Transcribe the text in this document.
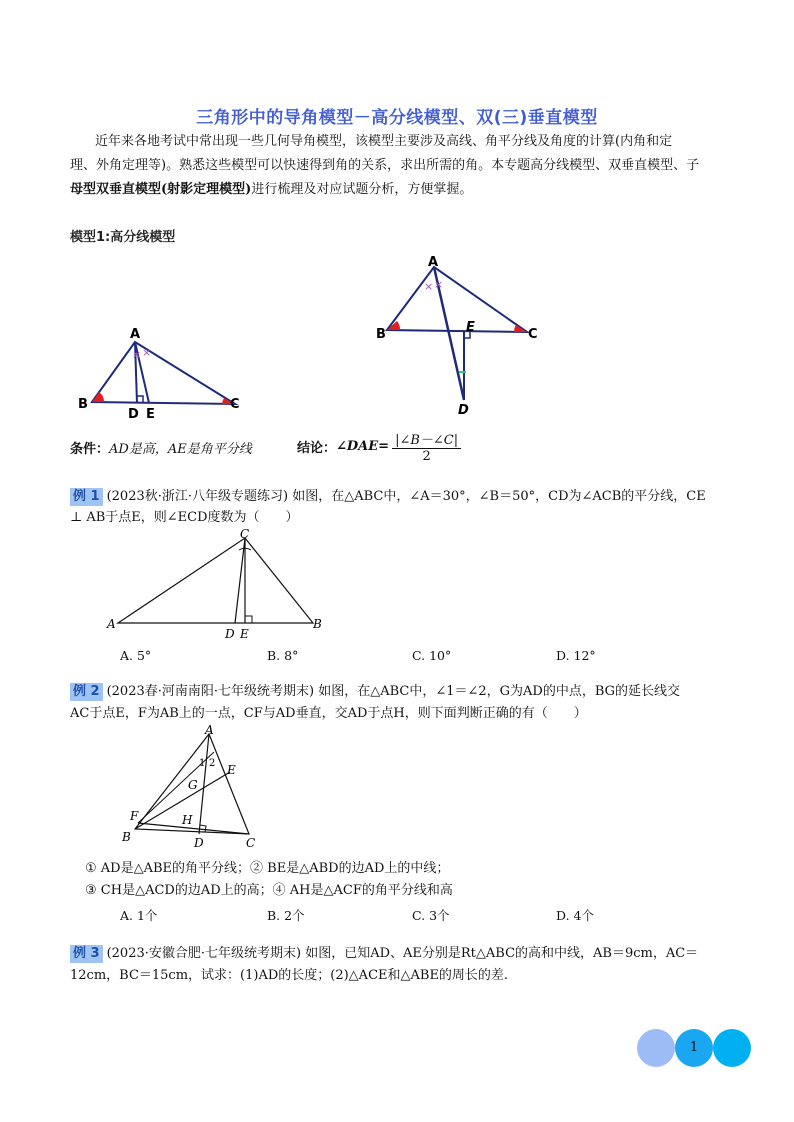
三角形中的导角模型－高分线模型、双(三)垂直模型
近年来各地考试中常出现一些几何导角模型，该模型主要涉及高线、角平分线及角度的计算(内角和定
理、外角定理等)。熟悉这些模型可以快速得到角的关系，求出所需的角。本专题高分线模型、双垂直模型、子
母型双垂直模型(射影定理模型)进行梳理及对应试题分析，方便掌握。
模型1:高分线模型
× ×
A
B	C
D E
× ×
A
B	C
E
D
条件：AD是高，AE是角平分线	结论： ∠DAE= $\frac{|\angle B-\angle C|}{2}$
例 1 (2023秋·浙江·八年级专题练习) 如图，在△ABC中，∠A＝30°，∠B＝50°，CD为∠ACB的平分线，CE
⊥ AB于点E，则∠ECD度数为（　　）
C
A	B
D E
A. 5°	B. 8°	C. 10°	D. 12°
例 2 (2023春·河南南阳·七年级统考期末) 如图，在△ABC中，∠1＝∠2，G为AD的中点，BG的延长线交
AC于点E，F为AB上的一点，CF与AD垂直，交AD于点H，则下面判断正确的有（　　）
A
B	C
D
E
F
G
H
1 2
① AD是△ABE的角平分线；② BE是△ABD的边AD上的中线；
③ CH是△ACD的边AD上的高；④ AH是△ACF的角平分线和高
A. 1个	B. 2个	C. 3个	D. 4个
例 3 (2023·安徽合肥·七年级统考期末) 如图，已知AD、AE分别是Rt△ABC的高和中线，AB＝9cm，AC＝
12cm，BC＝15cm，试求：(1)AD的长度；(2)△ACE和△ABE的周长的差.
1
